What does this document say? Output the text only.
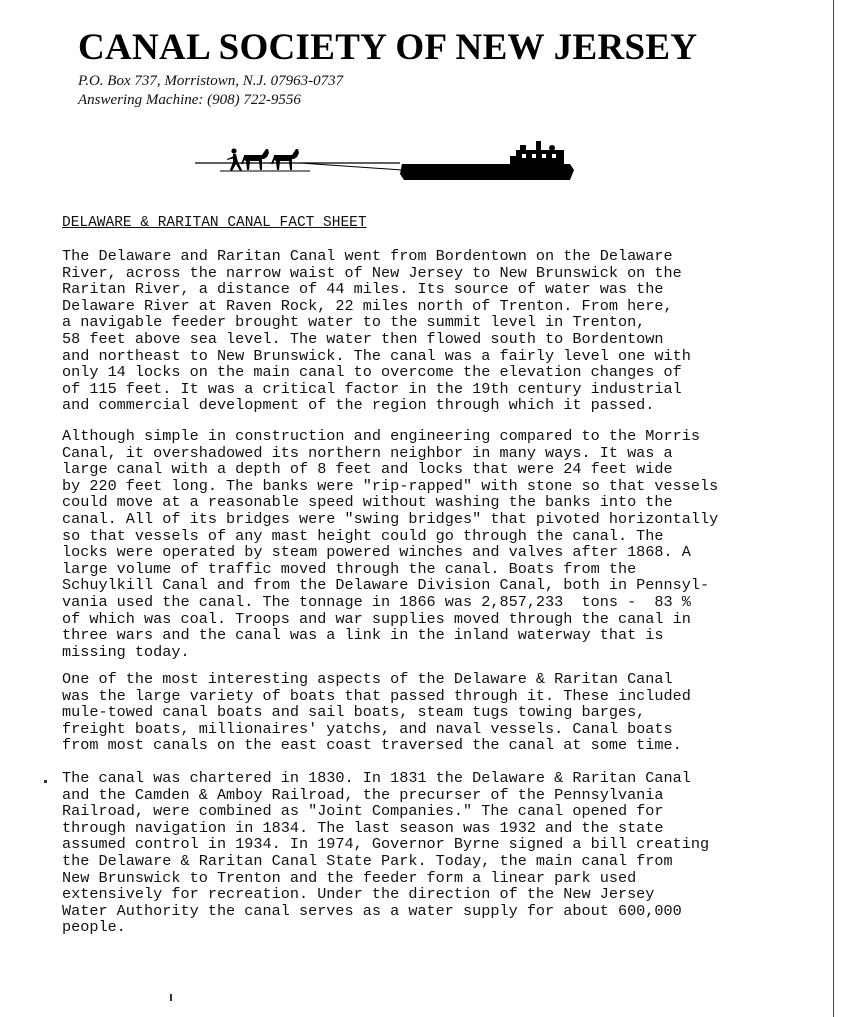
CANAL SOCIETY OF NEW JERSEY
P.O. Box 737, Morristown, N.J. 07963-0737
Answering Machine: (908) 722-9556
DELAWARE & RARITAN CANAL FACT SHEET
The Delaware and Raritan Canal went from Bordentown on the Delaware
River, across the narrow waist of New Jersey to New Brunswick on the
Raritan River, a distance of 44 miles. Its source of water was the
Delaware River at Raven Rock, 22 miles north of Trenton. From here,
a navigable feeder brought water to the summit level in Trenton,
58 feet above sea level. The water then flowed south to Bordentown
and northeast to New Brunswick. The canal was a fairly level one with
only 14 locks on the main canal to overcome the elevation changes of
of 115 feet. It was a critical factor in the 19th century industrial
and commercial development of the region through which it passed.
Although simple in construction and engineering compared to the Morris
Canal, it overshadowed its northern neighbor in many ways. It was a
large canal with a depth of 8 feet and locks that were 24 feet wide
by 220 feet long. The banks were "rip-rapped" with stone so that vessels
could move at a reasonable speed without washing the banks into the
canal. All of its bridges were "swing bridges" that pivoted horizontally
so that vessels of any mast height could go through the canal. The
locks were operated by steam powered winches and valves after 1868. A
large volume of traffic moved through the canal. Boats from the
Schuylkill Canal and from the Delaware Division Canal, both in Pennsyl-
vania used the canal. The tonnage in 1866 was 2,857,233  tons -  83 %
of which was coal. Troops and war supplies moved through the canal in
three wars and the canal was a link in the inland waterway that is
missing today.
One of the most interesting aspects of the Delaware & Raritan Canal
was the large variety of boats that passed through it. These included
mule-towed canal boats and sail boats, steam tugs towing barges,
freight boats, millionaires' yatchs, and naval vessels. Canal boats
from most canals on the east coast traversed the canal at some time.
The canal was chartered in 1830. In 1831 the Delaware & Raritan Canal
and the Camden & Amboy Railroad, the precurser of the Pennsylvania
Railroad, were combined as "Joint Companies." The canal opened for
through navigation in 1834. The last season was 1932 and the state
assumed control in 1934. In 1974, Governor Byrne signed a bill creating
the Delaware & Raritan Canal State Park. Today, the main canal from
New Brunswick to Trenton and the feeder form a linear park used
extensively for recreation. Under the direction of the New Jersey
Water Authority the canal serves as a water supply for about 600,000
people.
